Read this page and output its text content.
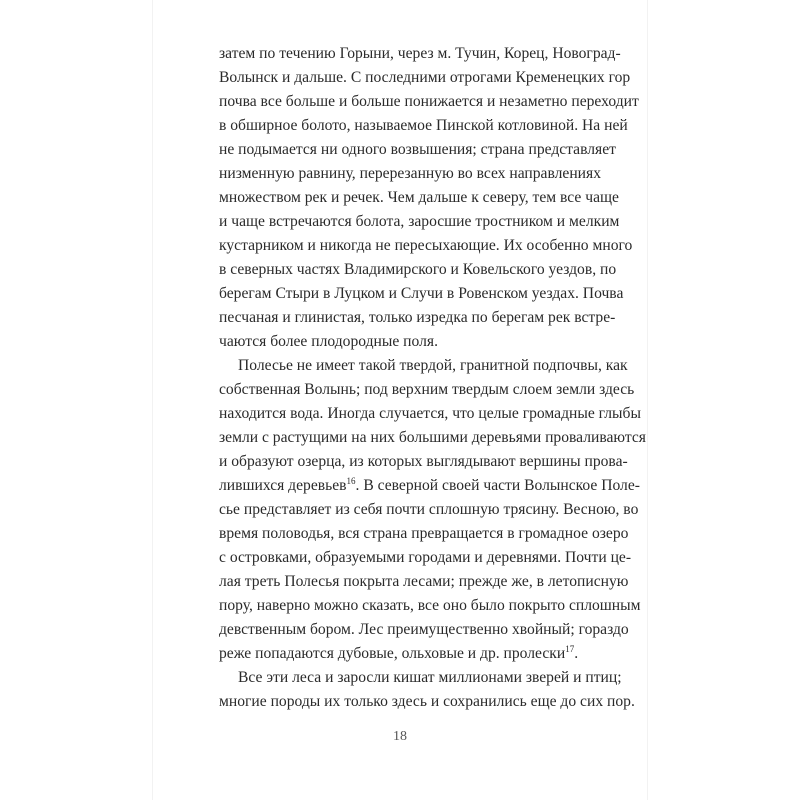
затем по течению Горыни, через м. Тучин, Корец, Новоград-
Волынск и дальше. С последними отрогами Кременецких гор
почва все больше и больше понижается и незаметно переходит
в обширное болото, называемое Пинской котловиной. На ней
не подымается ни одного возвышения; страна представляет
низменную равнину, перерезанную во всех направлениях
множеством рек и речек. Чем дальше к северу, тем все чаще
и чаще встречаются болота, заросшие тростником и мелким
кустарником и никогда не пересыхающие. Их особенно много
в северных частях Владимирского и Ковельского уездов, по
берегам Стыри в Луцком и Случи в Ровенском уездах. Почва
песчаная и глинистая, только изредка по берегам рек встре-
чаются более плодородные поля.
Полесье не имеет такой твердой, гранитной подпочвы, как
собственная Волынь; под верхним твердым слоем земли здесь
находится вода. Иногда случается, что целые громадные глыбы
земли с растущими на них большими деревьями проваливаются
и образуют озерца, из которых выглядывают вершины прова-
лившихся деревьев$^{16}$. В северной своей части Волынское Поле-
сье представляет из себя почти сплошную трясину. Весною, во
время половодья, вся страна превращается в громадное озеро
с островками, образуемыми городами и деревнями. Почти це-
лая треть Полесья покрыта лесами; прежде же, в летописную
пору, наверно можно сказать, все оно было покрыто сплошным
девственным бором. Лес преимущественно хвойный; гораздо
реже попадаются дубовые, ольховые и др. пролески$^{17}$.
Все эти леса и заросли кишат миллионами зверей и птиц;
многие породы их только здесь и сохранились еще до сих пор.
18
